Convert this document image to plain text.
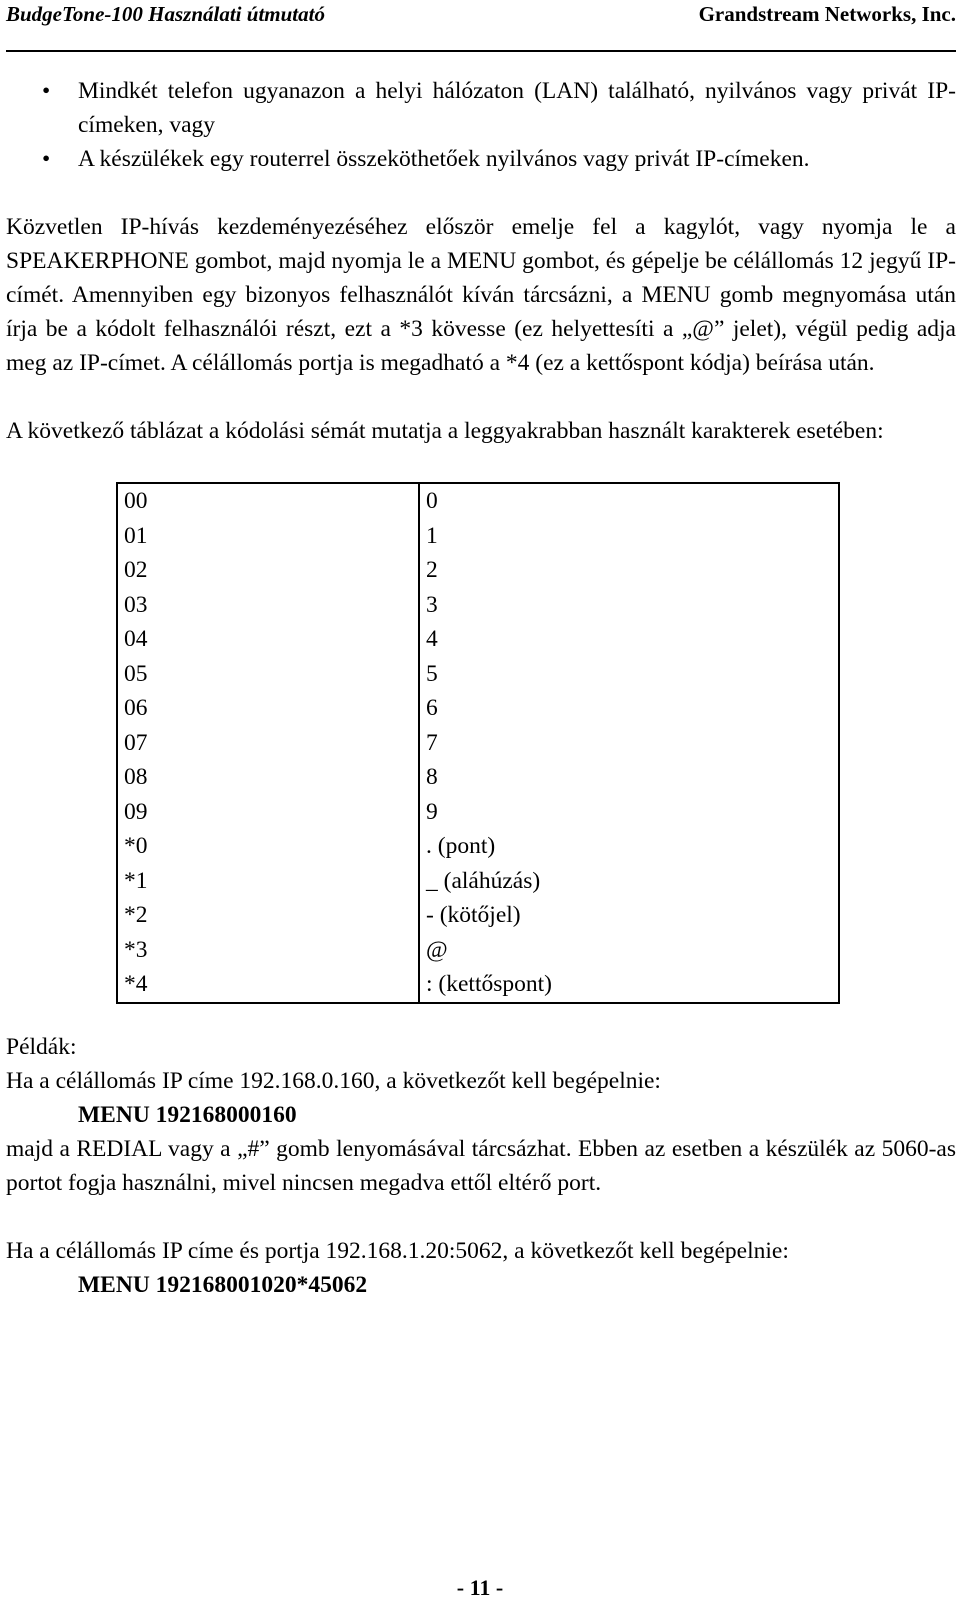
BudgeTone-100 Használati útmutató	Grandstream Networks, Inc.
• Mindkét telefon ugyanazon a helyi hálózaton (LAN) található, nyilvános vagy privát IP-címeken, vagy
• A készülékek egy routerrel összeköthetőek nyilvános vagy privát IP-címeken.

Közvetlen IP-hívás kezdeményezéséhez először emelje fel a kagylót, vagy nyomja le a SPEAKERPHONE gombot, majd nyomja le a MENU gombot, és gépelje be célállomás 12 jegyű IP-címét. Amennyiben egy bizonyos felhasználót kíván tárcsázni, a MENU gomb megnyomása után írja be a kódolt felhasználói részt, ezt a *3 kövesse (ez helyettesíti a „@” jelet), végül pedig adja meg az IP-címet. A célállomás portja is megadható a *4 (ez a kettőspont kódja) beírása után.

A következő táblázat a kódolási sémát mutatja a leggyakrabban használt karakterek esetében:

00	0
01	1
02	2
03	3
04	4
05	5
06	6
07	7
08	8
09	9
*0	. (pont)
*1	_ (aláhúzás)
*2	- (kötőjel)
*3	@
*4	: (kettőspont)
Példák:
Ha a célállomás IP címe 192.168.0.160, a következőt kell begépelnie:
MENU 192168000160

majd a REDIAL vagy a „#” gomb lenyomásával tárcsázhat. Ebben az esetben a készülék az 5060-as portot fogja használni, mivel nincsen megadva ettől eltérő port.

Ha a célállomás IP címe és portja 192.168.1.20:5062, a következőt kell begépelnie:

MENU 192168001020*45062
- 11 -
